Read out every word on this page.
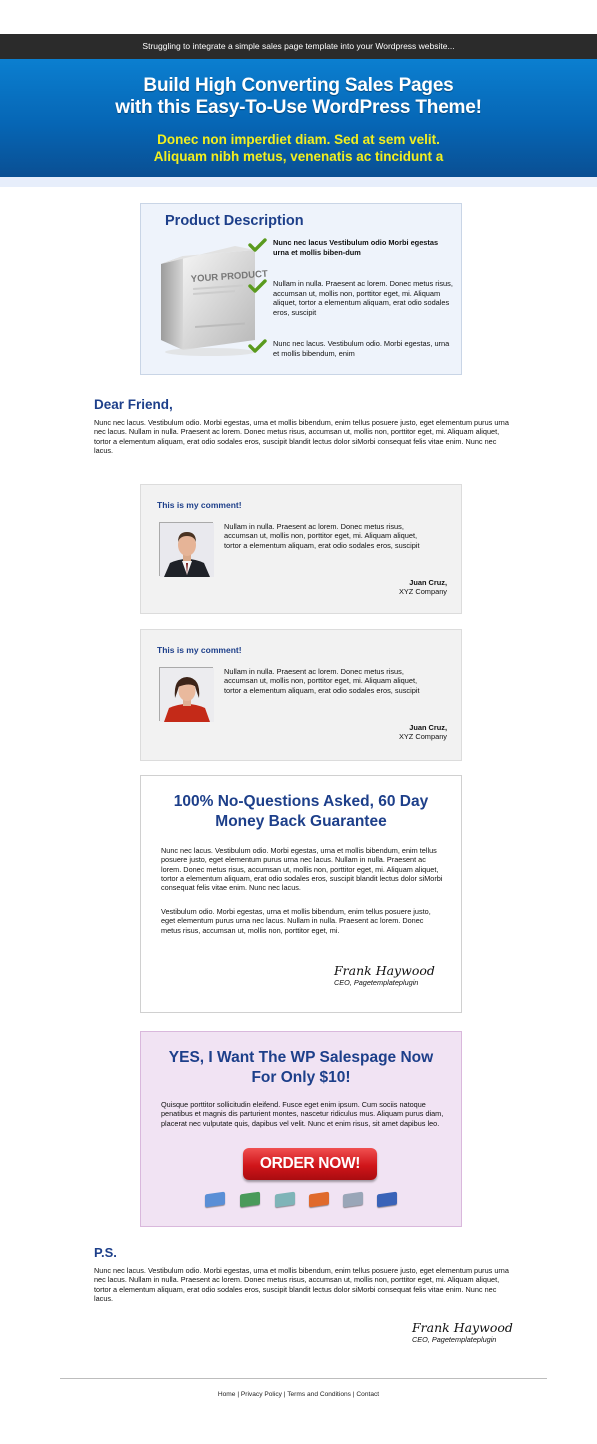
Struggling to integrate a simple sales page template into your Wordpress website...
Build High Converting Sales Pages
with this Easy-To-Use WordPress Theme!
Donec non imperdiet diam. Sed at sem velit.
Aliquam nibh metus, venenatis ac tincidunt a
Product Description
YOUR PRODUCT
Nunc nec lacus Vestibulum odio Morbi egestas urna et mollis biben-dum
Nullam in nulla. Praesent ac lorem. Donec metus risus, accumsan ut, mollis non, porttitor eget, mi. Aliquam aliquet, tortor a elementum aliquam, erat odio sodales eros, suscipit
Nunc nec lacus. Vestibulum odio. Morbi egestas, urna et mollis bibendum, enim
Dear Friend,
Nunc nec lacus. Vestibulum odio. Morbi egestas, urna et mollis bibendum, enim tellus posuere justo, eget elementum purus urna nec lacus. Nullam in nulla. Praesent ac lorem. Donec metus risus, accumsan ut, mollis non, porttitor eget, mi. Aliquam aliquet, tortor a elementum aliquam, erat odio sodales eros, suscipit blandit lectus dolor siMorbi consequat felis vitae enim. Nunc nec lacus.
This is my comment!
Nullam in nulla. Praesent ac lorem. Donec metus risus, accumsan ut, mollis non, porttitor eget, mi. Aliquam aliquet, tortor a elementum aliquam, erat odio sodales eros, suscipit
Juan Cruz,
XYZ Company
This is my comment!
Nullam in nulla. Praesent ac lorem. Donec metus risus, accumsan ut, mollis non, porttitor eget, mi. Aliquam aliquet, tortor a elementum aliquam, erat odio sodales eros, suscipit
Juan Cruz,
XYZ Company
100% No-Questions Asked, 60 Day
Money Back Guarantee
Nunc nec lacus. Vestibulum odio. Morbi egestas, urna et mollis bibendum, enim tellus posuere justo, eget elementum purus urna nec lacus. Nullam in nulla. Praesent ac lorem. Donec metus risus, accumsan ut, mollis non, porttitor eget, mi. Aliquam aliquet, tortor a elementum aliquam, erat odio sodales eros, suscipit blandit lectus dolor siMorbi consequat felis vitae enim. Nunc nec lacus.
Vestibulum odio. Morbi egestas, urna et mollis bibendum, enim tellus posuere justo, eget elementum purus urna nec lacus. Nullam in nulla. Praesent ac lorem. Donec metus risus, accumsan ut, mollis non, porttitor eget, mi.
Frank Haywood
CEO, Pagetemplateplugin
YES, I Want The WP Salespage Now
For Only $10!
Quisque porttitor sollicitudin eleifend. Fusce eget enim ipsum. Cum sociis natoque penatibus et magnis dis parturient montes, nascetur ridiculus mus. Aliquam purus diam, placerat nec vulputate quis, dapibus vel velit. Nunc et enim risus, sit amet dapibus leo.
ORDER NOW!
P.S.
Nunc nec lacus. Vestibulum odio. Morbi egestas, urna et mollis bibendum, enim tellus posuere justo, eget elementum purus urna nec lacus. Nullam in nulla. Praesent ac lorem. Donec metus risus, accumsan ut, mollis non, porttitor eget, mi. Aliquam aliquet, tortor a elementum aliquam, erat odio sodales eros, suscipit blandit lectus dolor siMorbi consequat felis vitae enim. Nunc nec lacus.
Frank Haywood
CEO, Pagetemplateplugin
Home | Privacy Policy | Terms and Conditions | Contact
